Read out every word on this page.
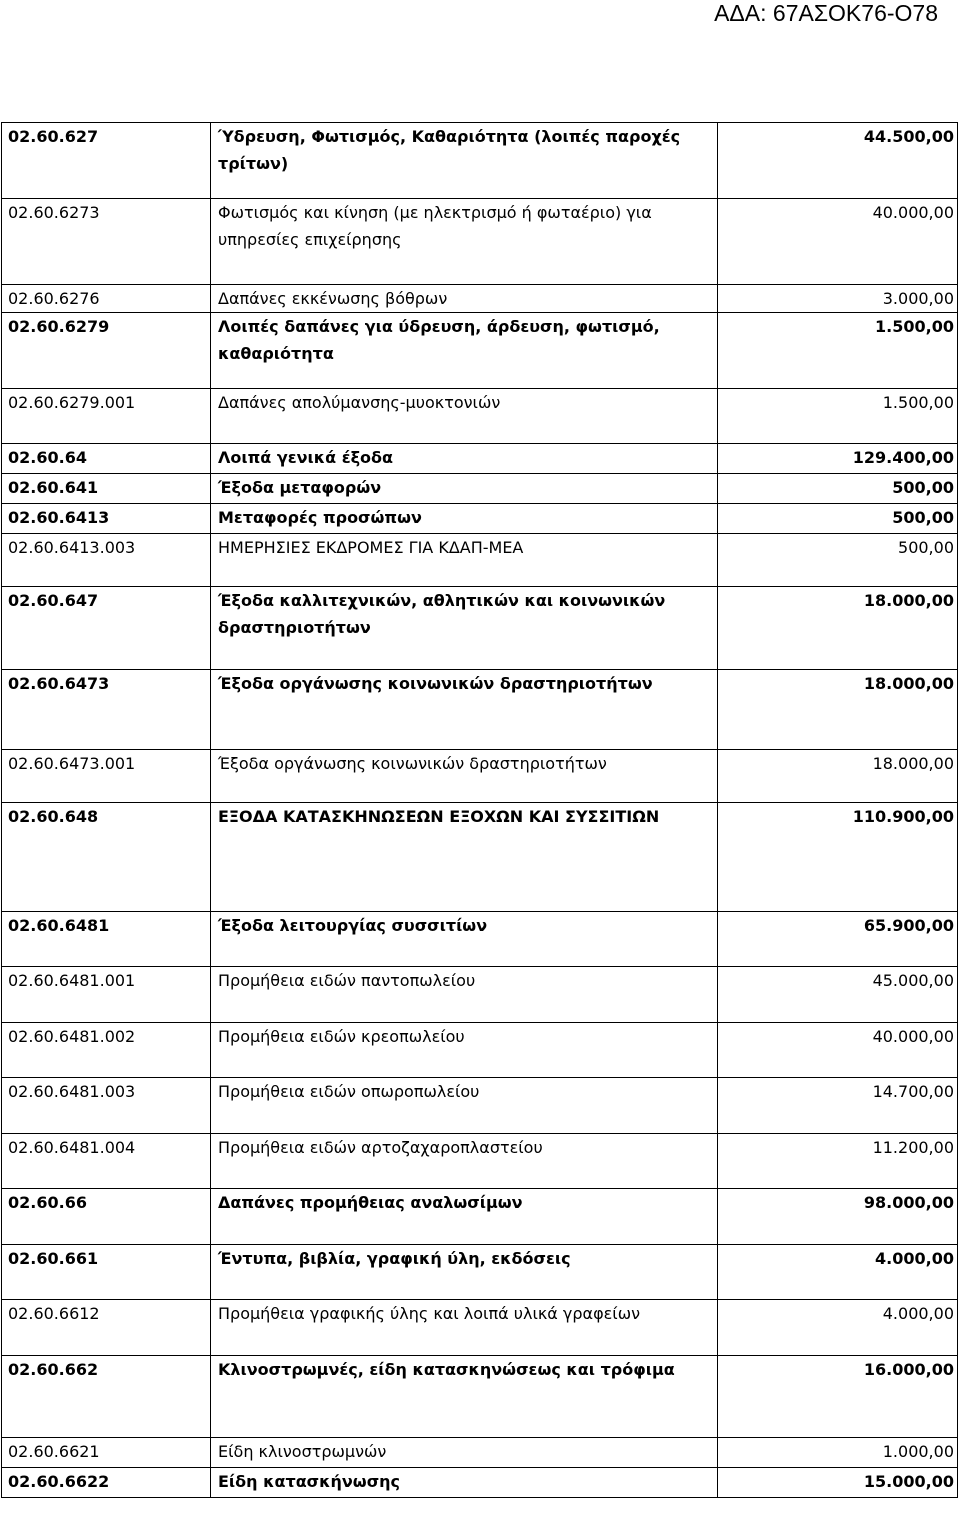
ΑΔΑ: 67ΑΣΟΚ76-Ο78
02.60.627	Ύδρευση, Φωτισμός, Καθαριότητα (λοιπές παροχές τρίτων)	44.500,00
02.60.6273	Φωτισμός και κίνηση (με ηλεκτρισμό ή φωταέριο) για υπηρεσίες επιχείρησης	40.000,00
02.60.6276	Δαπάνες εκκένωσης βόθρων	3.000,00
02.60.6279	Λοιπές δαπάνες για ύδρευση, άρδευση, φωτισμό, καθαριότητα	1.500,00
02.60.6279.001	Δαπάνες απολύμανσης-μυοκτονιών	1.500,00
02.60.64	Λοιπά γενικά έξοδα	129.400,00
02.60.641	Έξοδα μεταφορών	500,00
02.60.6413	Μεταφορές προσώπων	500,00
02.60.6413.003	ΗΜΕΡΗΣΙΕΣ ΕΚΔΡΟΜΕΣ ΓΙΑ ΚΔΑΠ-ΜΕΑ	500,00
02.60.647	Έξοδα καλλιτεχνικών, αθλητικών και κοινωνικών δραστηριοτήτων	18.000,00
02.60.6473	Έξοδα οργάνωσης κοινωνικών δραστηριοτήτων	18.000,00
02.60.6473.001	Έξοδα οργάνωσης κοινωνικών δραστηριοτήτων	18.000,00
02.60.648	ΕΞΟΔΑ ΚΑΤΑΣΚΗΝΩΣΕΩΝ ΕΞΟΧΩΝ ΚΑΙ ΣΥΣΣΙΤΙΩΝ	110.900,00
02.60.6481	Έξοδα λειτουργίας συσσιτίων	65.900,00
02.60.6481.001	Προμήθεια ειδών παντοπωλείου	45.000,00
02.60.6481.002	Προμήθεια ειδών κρεοπωλείου	40.000,00
02.60.6481.003	Προμήθεια ειδών οπωροπωλείου	14.700,00
02.60.6481.004	Προμήθεια ειδών αρτοζαχαροπλαστείου	11.200,00
02.60.66	Δαπάνες προμήθειας αναλωσίμων	98.000,00
02.60.661	Έντυπα, βιβλία, γραφική ύλη, εκδόσεις	4.000,00
02.60.6612	Προμήθεια γραφικής ύλης και λοιπά υλικά γραφείων	4.000,00
02.60.662	Κλινοστρωμνές, είδη κατασκηνώσεως και τρόφιμα	16.000,00
02.60.6621	Είδη κλινοστρωμνών	1.000,00
02.60.6622	Είδη κατασκήνωσης	15.000,00
